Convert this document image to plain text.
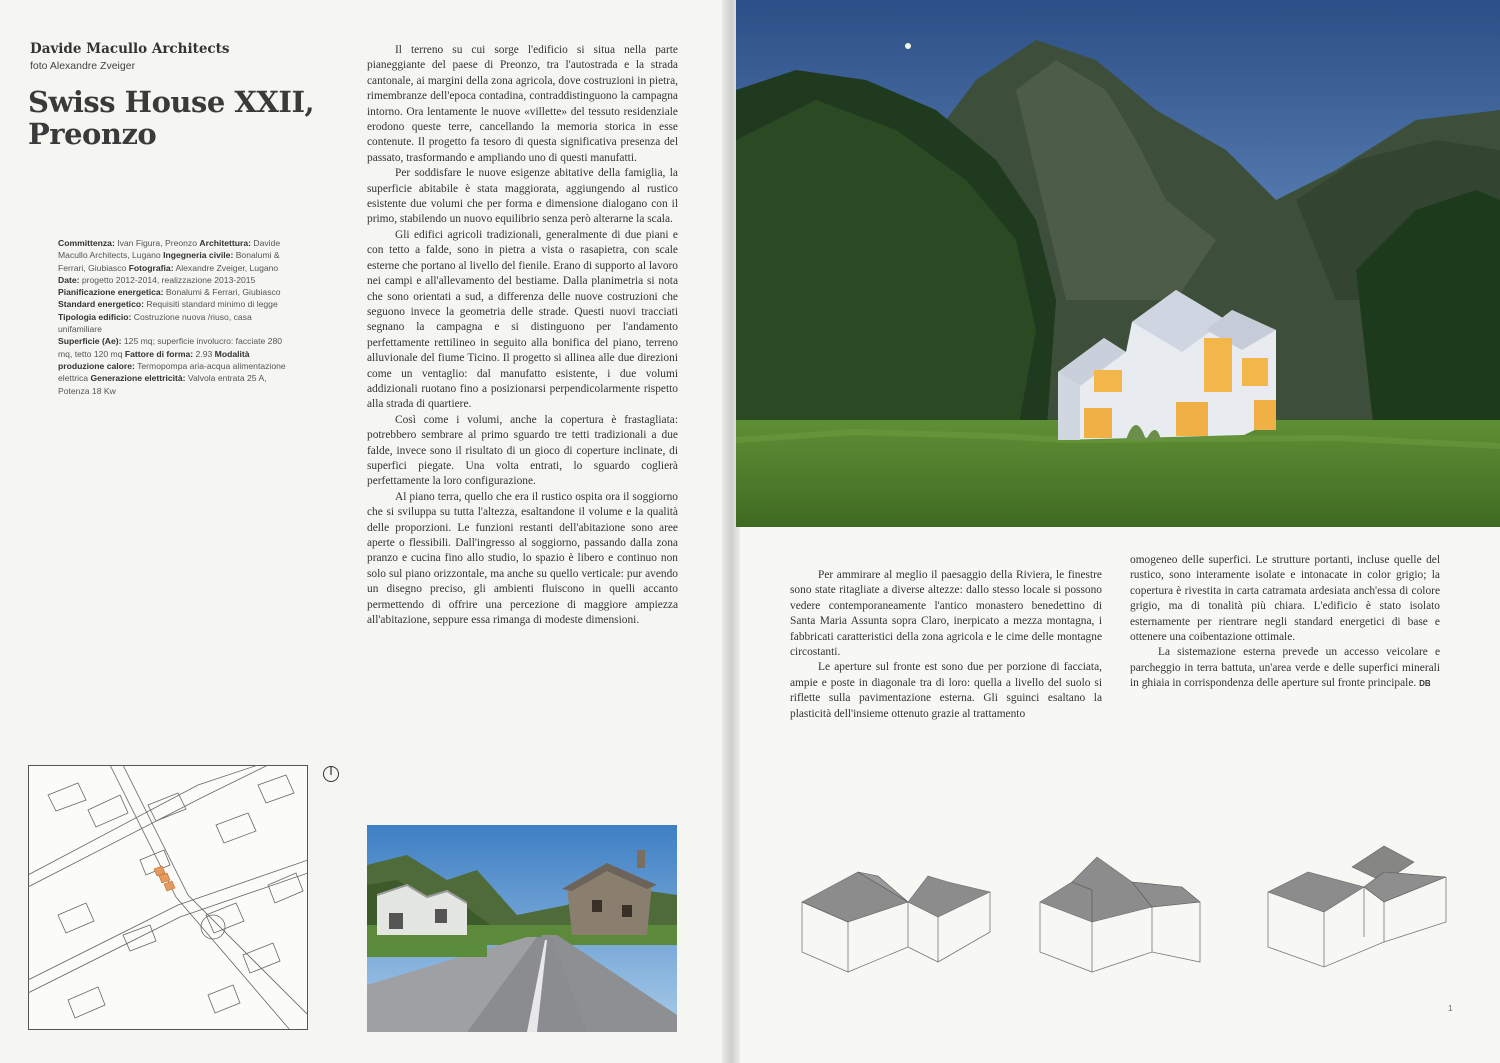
Davide Macullo Architects
foto Alexandre Zveiger
Swiss House XXII,
Preonzo
Committenza: Ivan Figura, Preonzo Architettura: Davide Macullo Architects, Lugano Ingegneria civile: Bonalumi & Ferrari, Giubiasco Fotografia: Alexandre Zveiger, Lugano
Date: progetto 2012-2014, realizzazione 2013-2015
Pianificazione energetica: Bonalumi & Ferrari, Giubiasco
Standard energetico: Requisiti standard minimo di legge
Tipologia edificio: Costruzione nuova /riuso, casa unifamiliare
Superficie (Ae): 125 mq; superficie involucro: facciate 280 mq, tetto 120 mq Fattore di forma: 2.93 Modalità produzione calore: Termopompa aria-acqua alimentazione elettrica Generazione elettricità: Valvola entrata 25 A, Potenza 18 Kw

Il terreno su cui sorge l'edificio si situa nella parte pianeggiante del paese di Preonzo, tra l'autostrada e la strada cantonale, ai margini della zona agricola, dove costruzioni in pietra, rimembranze dell'epoca contadina, contraddistinguono la campagna intorno. Ora lentamente le nuove «villette» del tessuto residenziale erodono queste terre, cancellando la memoria storica in esse contenute. Il progetto fa tesoro di questa significativa presenza del passato, trasformando e ampliando uno di questi manufatti.

Per soddisfare le nuove esigenze abitative della famiglia, la superficie abitabile è stata maggiorata, aggiungendo al rustico esistente due volumi che per forma e dimensione dialogano con il primo, stabilendo un nuovo equilibrio senza però alterarne la scala.

Gli edifici agricoli tradizionali, generalmente di due piani e con tetto a falde, sono in pietra a vista o rasapietra, con scale esterne che portano al livello del fienile. Erano di supporto al lavoro nei campi e all'allevamento del bestiame. Dalla planimetria si nota che sono orientati a sud, a differenza delle nuove costruzioni che seguono invece la geometria delle strade. Questi nuovi tracciati segnano la campagna e si distinguono per l'andamento perfettamente rettilineo in seguito alla bonifica del piano, terreno alluvionale del fiume Ticino. Il progetto si allinea alle due direzioni come un ventaglio: dal manufatto esistente, i due volumi addizionali ruotano fino a posizionarsi perpendicolarmente rispetto alla strada di quartiere.

Così come i volumi, anche la copertura è frastagliata: potrebbero sembrare al primo sguardo tre tetti tradizionali a due falde, invece sono il risultato di un gioco di coperture inclinate, di superfici piegate. Una volta entrati, lo sguardo coglierà perfettamente la loro configurazione.

Al piano terra, quello che era il rustico ospita ora il soggiorno che si sviluppa su tutta l'altezza, esaltandone il volume e la qualità delle proporzioni. Le funzioni restanti dell'abitazione sono aree aperte o flessibili. Dall'ingresso al soggiorno, passando dalla zona pranzo e cucina fino allo studio, lo spazio è libero e continuo non solo sul piano orizzontale, ma anche su quello verticale: pur avendo un disegno preciso, gli ambienti fluiscono in quelli accanto permettendo di offrire una percezione di maggiore ampiezza all'abitazione, seppure essa rimanga di modeste dimensioni.

Per ammirare al meglio il paesaggio della Riviera, le finestre sono state ritagliate a diverse altezze: dallo stesso locale si possono vedere contemporaneamente l'antico monastero benedettino di Santa Maria Assunta sopra Claro, inerpicato a mezza montagna, i fabbricati caratteristici della zona agricola e le cime delle montagne circostanti.

Le aperture sul fronte est sono due per porzione di facciata, ampie e poste in diagonale tra di loro: quella a livello del suolo si riflette sulla pavimentazione esterna. Gli sguinci esaltano la plasticità dell'insieme ottenuto grazie al trattamento

omogeneo delle superfici. Le strutture portanti, incluse quelle del rustico, sono interamente isolate e intonacate in color grigio; la copertura è rivestita in carta catramata ardesiata anch'essa di colore grigio, ma di tonalità più chiara. L'edificio è stato isolato esternamente per rientrare negli standard energetici di base e ottenere una coibentazione ottimale.

La sistemazione esterna prevede un accesso veicolare e parcheggio in terra battuta, un'area verde e delle superfici minerali in ghiaia in corrispondenza delle aperture sul fronte principale. DB

1
